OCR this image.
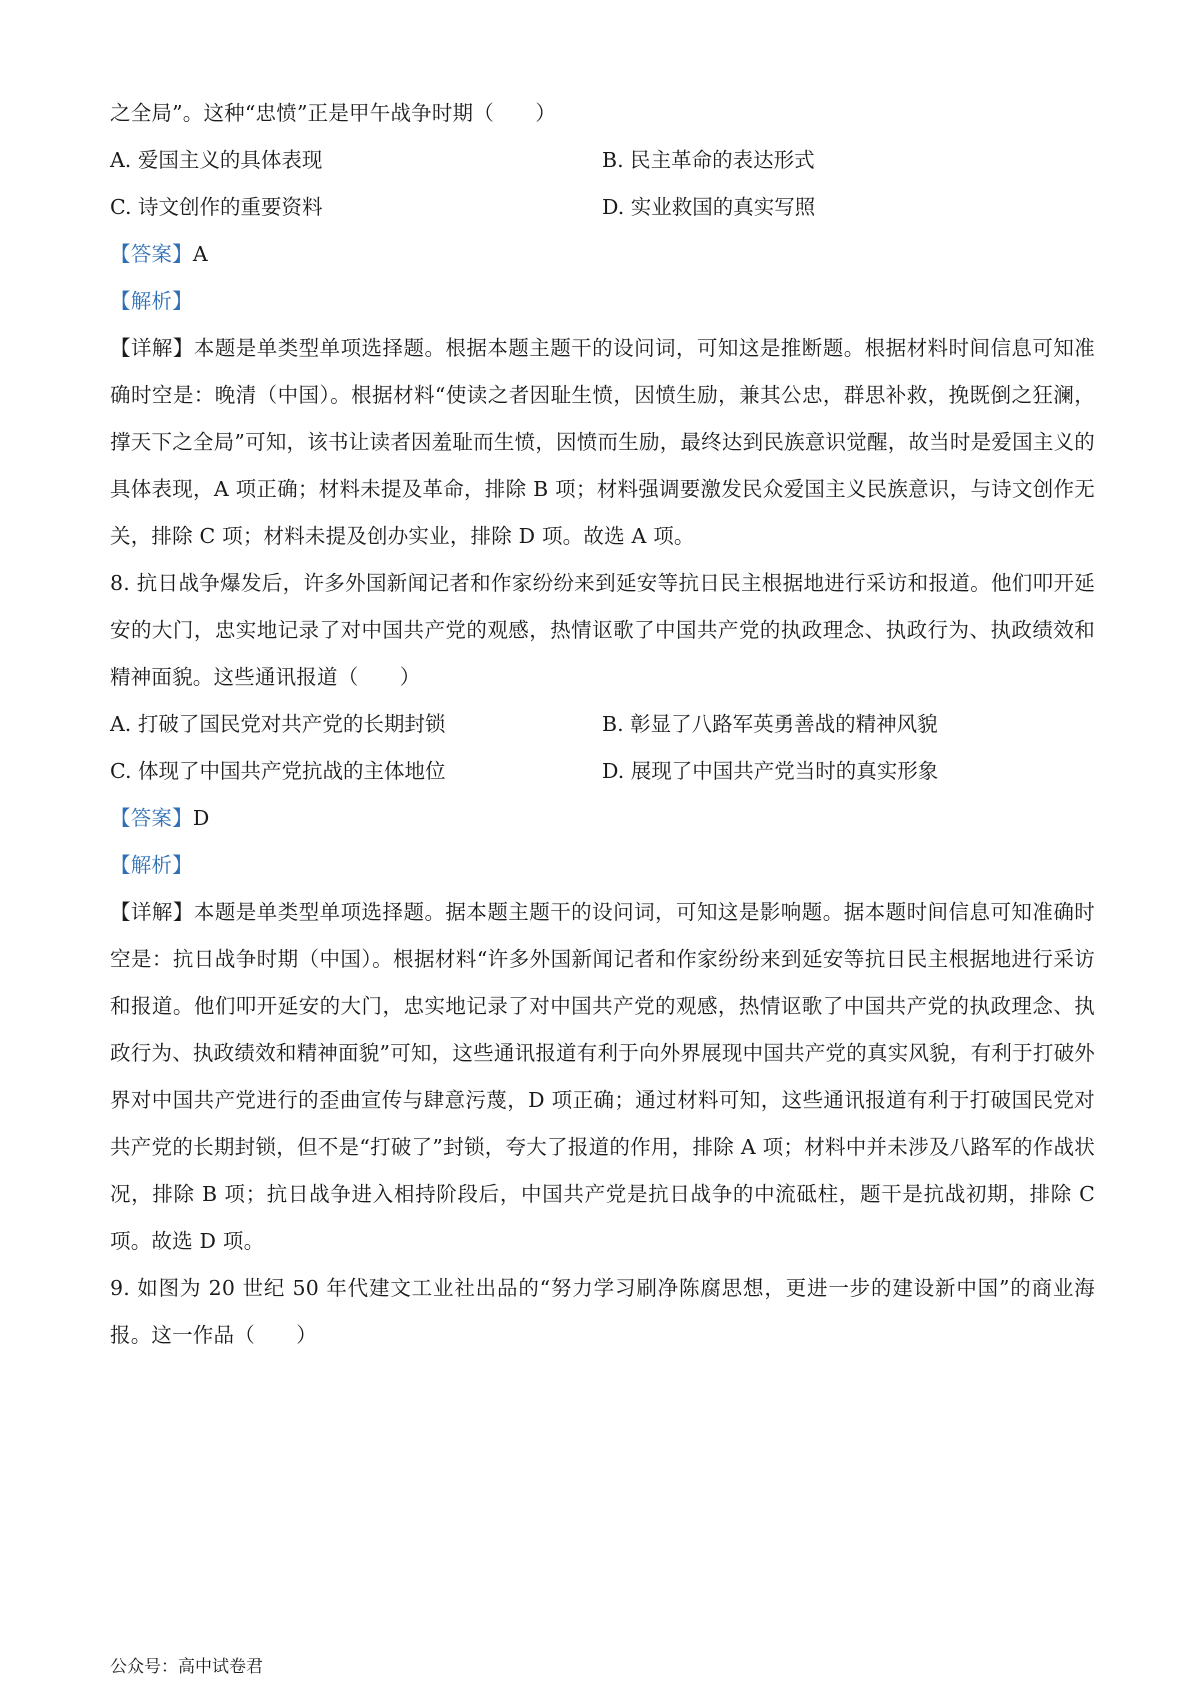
之全局”。这种“忠愤”正是甲午战争时期（　　）
A. 爱国主义的具体表现	B. 民主革命的表达形式
C. 诗文创作的重要资料	D. 实业救国的真实写照
【答案】A
【解析】
【详解】本题是单类型单项选择题。根据本题主题干的设问词，可知这是推断题。根据材料时间信息可知准确时空是：晚清（中国）。根据材料“使读之者因耻生愤，因愤生励，兼其公忠，群思补救，挽既倒之狂澜，撑天下之全局”可知，该书让读者因羞耻而生愤，因愤而生励，最终达到民族意识觉醒，故当时是爱国主义的具体表现，A 项正确；材料未提及革命，排除 B 项；材料强调要激发民众爱国主义民族意识，与诗文创作无关，排除 C 项；材料未提及创办实业，排除 D 项。故选 A 项。
8. 抗日战争爆发后，许多外国新闻记者和作家纷纷来到延安等抗日民主根据地进行采访和报道。他们叩开延安的大门，忠实地记录了对中国共产党的观感，热情讴歌了中国共产党的执政理念、执政行为、执政绩效和精神面貌。这些通讯报道（　　）
A. 打破了国民党对共产党的长期封锁	B. 彰显了八路军英勇善战的精神风貌
C. 体现了中国共产党抗战的主体地位	D. 展现了中国共产党当时的真实形象
【答案】D
【解析】
【详解】本题是单类型单项选择题。据本题主题干的设问词，可知这是影响题。据本题时间信息可知准确时空是：抗日战争时期（中国）。根据材料“许多外国新闻记者和作家纷纷来到延安等抗日民主根据地进行采访和报道。他们叩开延安的大门，忠实地记录了对中国共产党的观感，热情讴歌了中国共产党的执政理念、执政行为、执政绩效和精神面貌”可知，这些通讯报道有利于向外界展现中国共产党的真实风貌，有利于打破外界对中国共产党进行的歪曲宣传与肆意污蔑，D 项正确；通过材料可知，这些通讯报道有利于打破国民党对共产党的长期封锁，但不是“打破了”封锁，夸大了报道的作用，排除 A 项；材料中并未涉及八路军的作战状况，排除 B 项；抗日战争进入相持阶段后，中国共产党是抗日战争的中流砥柱，题干是抗战初期，排除 C 项。故选 D 项。
9. 如图为 20 世纪 50 年代建文工业社出品的“努力学习刷净陈腐思想，更进一步的建设新中国”的商业海报。这一作品（　　）
公众号：高中试卷君
